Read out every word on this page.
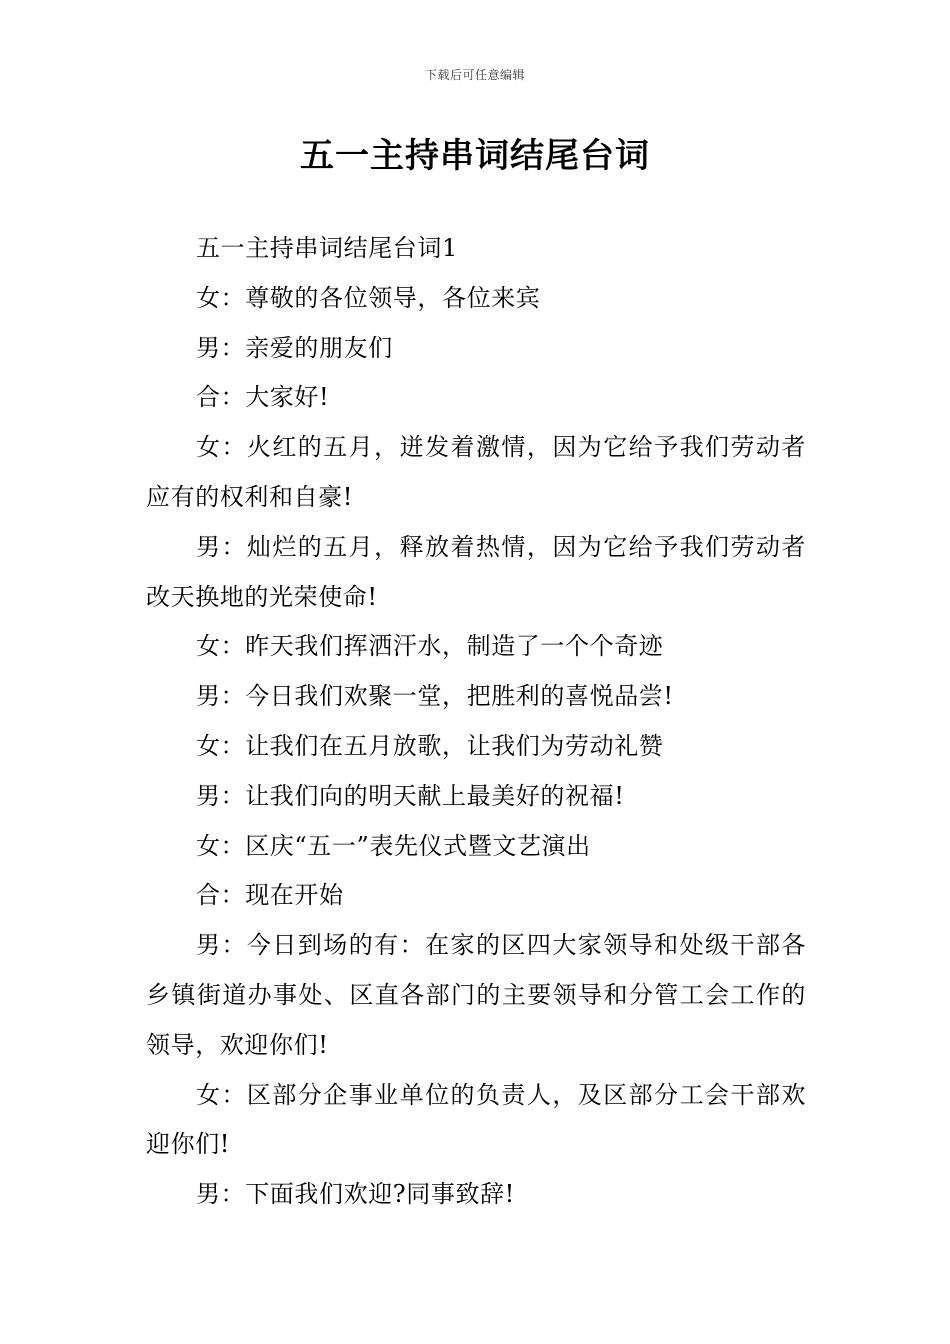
下载后可任意编辑
五一主持串词结尾台词

五一主持串词结尾台词1

女：尊敬的各位领导，各位来宾

男：亲爱的朋友们

合：大家好!

女：火红的五月，迸发着激情，因为它给予我们劳动者应有的权利和自豪!

男：灿烂的五月，释放着热情，因为它给予我们劳动者改天换地的光荣使命!

女：昨天我们挥洒汗水，制造了一个个奇迹

男：今日我们欢聚一堂，把胜利的喜悦品尝!

女：让我们在五月放歌，让我们为劳动礼赞

男：让我们向的明天献上最美好的祝福!

女：区庆“五一”表先仪式暨文艺演出

合：现在开始

男：今日到场的有：在家的区四大家领导和处级干部各乡镇街道办事处、区直各部门的主要领导和分管工会工作的领导，欢迎你们!

女：区部分企事业单位的负责人，及区部分工会干部欢迎你们!

男：下面我们欢迎?同事致辞!
